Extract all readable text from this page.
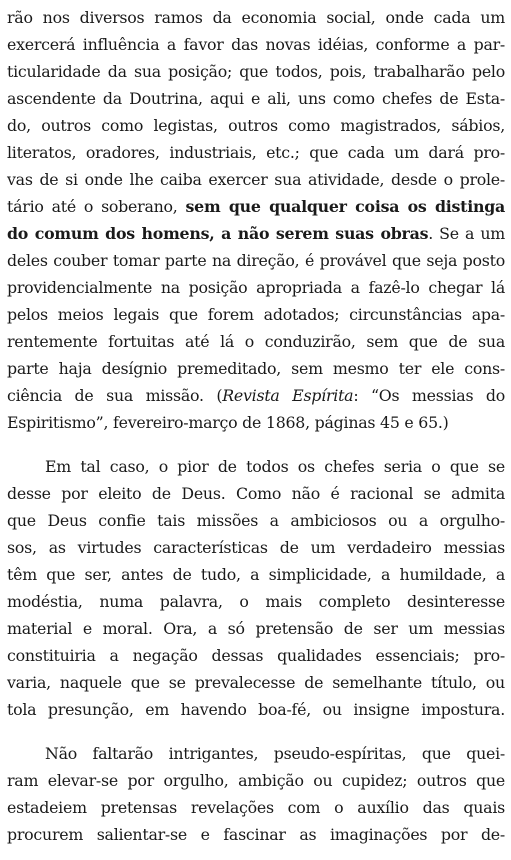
rão nos diversos ramos da economia social, onde cada um
exercerá influência a favor das novas idéias, conforme a par-
ticularidade da sua posição; que todos, pois, trabalharão pelo
ascendente da Doutrina, aqui e ali, uns como chefes de Esta-
do, outros como legistas, outros como magistrados, sábios,
literatos, oradores, industriais, etc.; que cada um dará pro-
vas de si onde lhe caiba exercer sua atividade, desde o prole-
tário até o soberano, sem que qualquer coisa os distinga
do comum dos homens, a não serem suas obras. Se a um
deles couber tomar parte na direção, é provável que seja posto
providencialmente na posição apropriada a fazê-lo chegar lá
pelos meios legais que forem adotados; circunstâncias apa-
rentemente fortuitas até lá o conduzirão, sem que de sua
parte haja desígnio premeditado, sem mesmo ter ele cons-
ciência de sua missão. (Revista Espírita: “Os messias do
Espiritismo”, fevereiro-março de 1868, páginas 45 e 65.)
Em tal caso, o pior de todos os chefes seria o que se
desse por eleito de Deus. Como não é racional se admita
que Deus confie tais missões a ambiciosos ou a orgulho-
sos, as virtudes características de um verdadeiro messias
têm que ser, antes de tudo, a simplicidade, a humildade, a
modéstia, numa palavra, o mais completo desinteresse
material e moral. Ora, a só pretensão de ser um messias
constituiria a negação dessas qualidades essenciais; pro-
varia, naquele que se prevalecesse de semelhante título, ou
tola presunção, em havendo boa-fé, ou insigne impostura.
Não faltarão intrigantes, pseudo-espíritas, que quei-
ram elevar-se por orgulho, ambição ou cupidez; outros que
estadeiem pretensas revelações com o auxílio das quais
procurem salientar-se e fascinar as imaginações por de-
